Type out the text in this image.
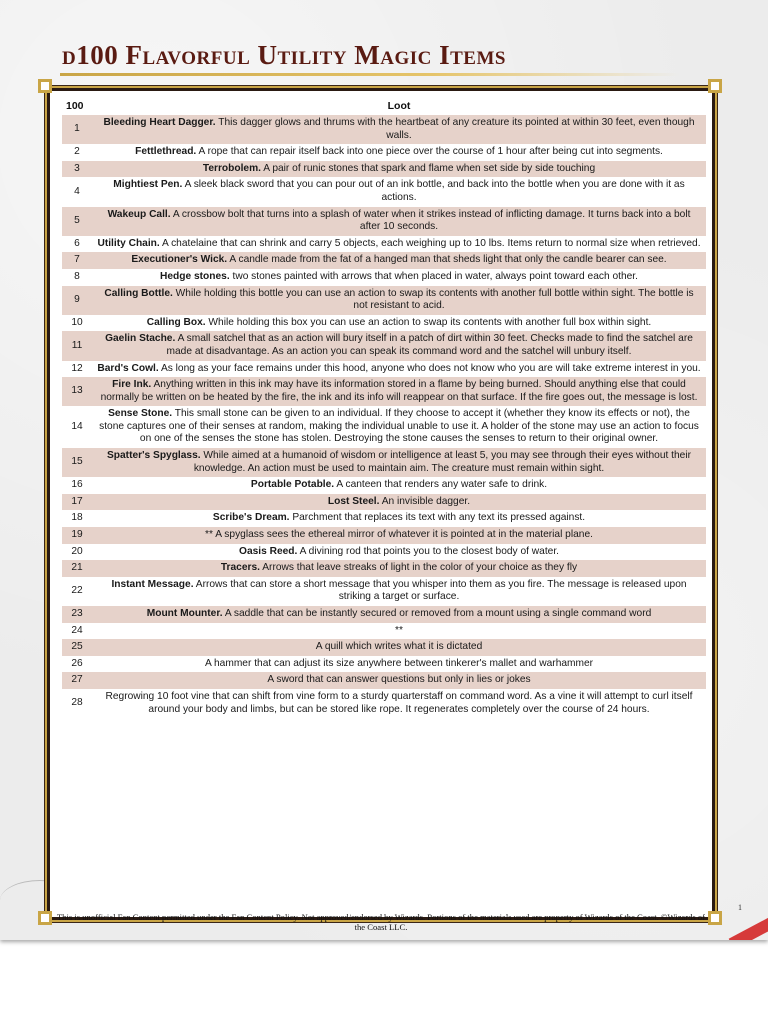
d100 Flavorful Utility Magic Items
100	Loot
1	Bleeding Heart Dagger. This dagger glows and thrums with the heartbeat of any creature its pointed at within 30 feet, even though walls.
2	Fettlethread. A rope that can repair itself back into one piece over the course of 1 hour after being cut into segments.
3	Terrobolem. A pair of runic stones that spark and flame when set side by side touching
4	Mightiest Pen. A sleek black sword that you can pour out of an ink bottle, and back into the bottle when you are done with it as actions.
5	Wakeup Call. A crossbow bolt that turns into a splash of water when it strikes instead of inflicting damage. It turns back into a bolt after 10 seconds.
6	Utility Chain. A chatelaine that can shrink and carry 5 objects, each weighing up to 10 lbs. Items return to normal size when retrieved.
7	Executioner's Wick. A candle made from the fat of a hanged man that sheds light that only the candle bearer can see.
8	Hedge stones. two stones painted with arrows that when placed in water, always point toward each other.
9	Calling Bottle. While holding this bottle you can use an action to swap its contents with another full bottle within sight. The bottle is not resistant to acid.
10	Calling Box. While holding this box you can use an action to swap its contents with another full box within sight.
11	Gaelin Stache. A small satchel that as an action will bury itself in a patch of dirt within 30 feet. Checks made to find the satchel are made at disadvantage. As an action you can speak its command word and the satchel will unbury itself.
12	Bard's Cowl. As long as your face remains under this hood, anyone who does not know who you are will take extreme interest in you.
13	Fire Ink. Anything written in this ink may have its information stored in a flame by being burned. Should anything else that could normally be written on be heated by the fire, the ink and its info will reappear on that surface. If the fire goes out, the message is lost.
14	Sense Stone. This small stone can be given to an individual. If they choose to accept it (whether they know its effects or not), the stone captures one of their senses at random, making the individual unable to use it. A holder of the stone may use an action to focus on one of the senses the stone has stolen. Destroying the stone causes the senses to return to their original owner.
15	Spatter's Spyglass. While aimed at a humanoid of wisdom or intelligence at least 5, you may see through their eyes without their knowledge. An action must be used to maintain aim. The creature must remain within sight.
16	Portable Potable. A canteen that renders any water safe to drink.
17	Lost Steel. An invisible dagger.
18	Scribe's Dream. Parchment that replaces its text with any text its pressed against.
19	** A spyglass sees the ethereal mirror of whatever it is pointed at in the material plane.
20	Oasis Reed. A divining rod that points you to the closest body of water.
21	Tracers. Arrows that leave streaks of light in the color of your choice as they fly
22	Instant Message. Arrows that can store a short message that you whisper into them as you fire. The message is released upon striking a target or surface.
23	Mount Mounter. A saddle that can be instantly secured or removed from a mount using a single command word
24	**
25	A quill which writes what it is dictated
26	A hammer that can adjust its size anywhere between tinkerer's mallet and warhammer
27	A sword that can answer questions but only in lies or jokes
28	Regrowing 10 foot vine that can shift from vine form to a sturdy quarterstaff on command word. As a vine it will attempt to curl itself around your body and limbs, but can be stored like rope. It regenerates completely over the course of 24 hours.
This is unofficial Fan Content permitted under the Fan Content Policy. Not approved/endorsed by Wizards. Portions of the materials used are property of Wizards of the Coast. ©Wizards of the Coast LLC.
1
